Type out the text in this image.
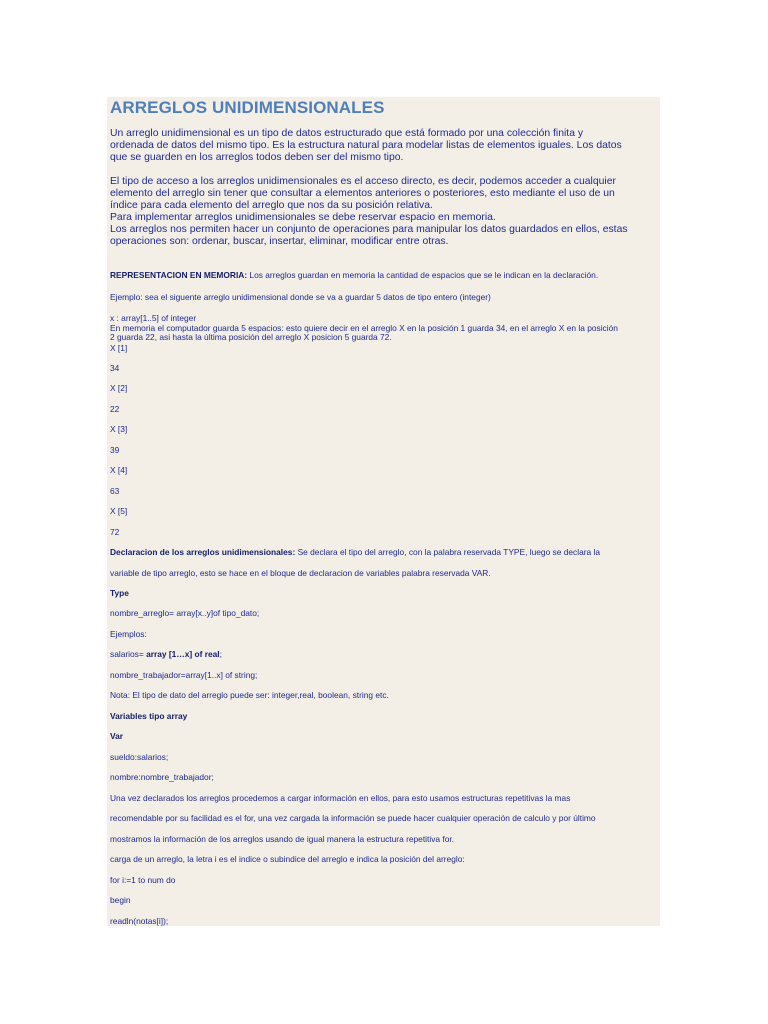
ARREGLOS UNIDIMENSIONALES
Un arreglo unidimensional es un tipo de datos estructurado que está formado por una colección finita y
ordenada de datos del mismo tipo. Es la estructura natural para modelar listas de elementos iguales. Los datos
que se guarden en los arreglos todos deben ser del mismo tipo.
El tipo de acceso a los arreglos unidimensionales es el acceso directo, es decir, podemos acceder a cualquier
elemento del arreglo sin tener que consultar a elementos anteriores o posteriores, esto mediante el uso de un
índice para cada elemento del arreglo que nos da su posición relativa.
Para implementar arreglos unidimensionales se debe reservar espacio en memoria.
Los arreglos nos permiten hacer un conjunto de operaciones para manipular los datos guardados en ellos, estas
operaciones son: ordenar, buscar, insertar, eliminar, modificar entre otras.
REPRESENTACION EN MEMORIA: Los arreglos guardan en memoria la cantidad de espacios que se le indican en la declaración.
Ejemplo: sea el siguente arreglo unidimensional donde se va a guardar 5 datos de tipo entero (integer)
x : array[1..5] of integer
En memoria el computador guarda 5 espacios: esto quiere decir en el arreglo X en la posición 1 guarda 34, en el arreglo X en la posición
2 guarda 22, asi hasta la última posición del arreglo X posicion 5 guarda 72.
X [1]
34
X [2]
22
X [3]
39
X [4]
63
X [5]
72
Declaracion de los arreglos unidimensionales: Se declara el tipo del arreglo, con la palabra reservada TYPE, luego se declara la
variable de tipo arreglo, esto se hace en el bloque de declaracion de variables palabra reservada VAR.
Type
nombre_arreglo= array[x..y]of tipo_dato;
Ejemplos:
salarios= array [1…x] of real;
nombre_trabajador=array[1..x] of string;
Nota: El tipo de dato del arreglo puede ser: integer,real, boolean, string etc.
Variables tipo array
Var
sueldo:salarios;
nombre:nombre_trabajador;
Una vez declarados los arreglos procedemos a cargar información en ellos, para esto usamos estructuras repetitivas la mas
recomendable por su facilidad es el for, una vez cargada la información se puede hacer cualquier operación de calculo y por último
mostramos la información de los arreglos usando de igual manera la estructura repetitiva for.
carga de un arreglo, la letra i es el indice o subindice del arreglo e indica la posición del arreglo:
for i:=1 to num do
begin
readln(notas[i]);
